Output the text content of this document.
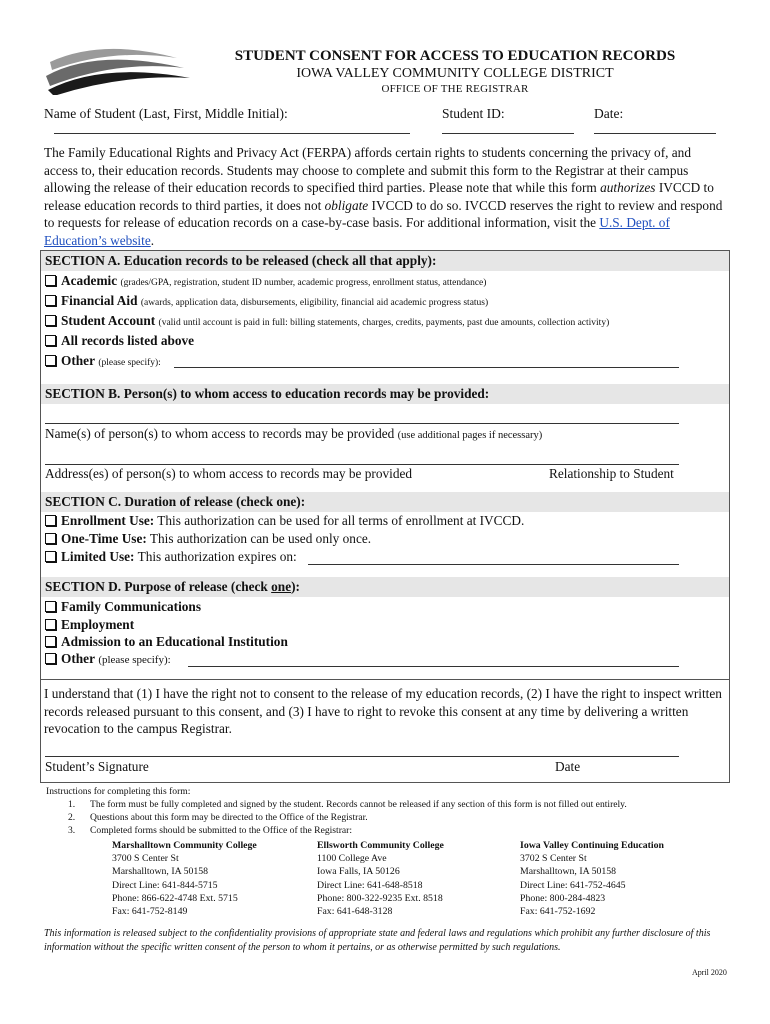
STUDENT CONSENT FOR ACCESS TO EDUCATION RECORDS
IOWA VALLEY COMMUNITY COLLEGE DISTRICT
OFFICE OF THE REGISTRAR
Name of Student (Last, First, Middle Initial):	Student ID:	Date:
The Family Educational Rights and Privacy Act (FERPA) affords certain rights to students concerning the privacy of, and access to, their education records. Students may choose to complete and submit this form to the Registrar at their campus allowing the release of their education records to specified third parties. Please note that while this form authorizes IVCCD to release education records to third parties, it does not obligate IVCCD to do so. IVCCD reserves the right to review and respond to requests for release of education records on a case-by-case basis. For additional information, visit the U.S. Dept. of Education’s website.
SECTION A. Education records to be released (check all that apply):
Academic (grades/GPA, registration, student ID number, academic progress, enrollment status, attendance)
Financial Aid (awards, application data, disbursements, eligibility, financial aid academic progress status)
Student Account (valid until account is paid in full: billing statements, charges, credits, payments, past due amounts, collection activity)
All records listed above
Other (please specify):
SECTION B. Person(s) to whom access to education records may be provided:
Name(s) of person(s) to whom access to records may be provided (use additional pages if necessary)
Address(es) of person(s) to whom access to records may be provided	Relationship to Student
SECTION C. Duration of release (check one):
Enrollment Use: This authorization can be used for all terms of enrollment at IVCCD.
One-Time Use: This authorization can be used only once.
Limited Use: This authorization expires on:
SECTION D. Purpose of release (check one):
Family Communications
Employment
Admission to an Educational Institution
Other (please specify):
I understand that (1) I have the right not to consent to the release of my education records, (2) I have the right to inspect written records released pursuant to this consent, and (3) I have to right to revoke this consent at any time by delivering a written revocation to the campus Registrar.
Student’s Signature	Date
Instructions for completing this form:
1. The form must be fully completed and signed by the student. Records cannot be released if any section of this form is not filled out entirely.
2. Questions about this form may be directed to the Office of the Registrar.
3. Completed forms should be submitted to the Office of the Registrar:
Marshalltown Community College
3700 S Center St
Marshalltown, IA 50158
Direct Line: 641-844-5715
Phone: 866-622-4748 Ext. 5715
Fax: 641-752-8149
Ellsworth Community College
1100 College Ave
Iowa Falls, IA 50126
Direct Line: 641-648-8518
Phone: 800-322-9235 Ext. 8518
Fax: 641-648-3128
Iowa Valley Continuing Education
3702 S Center St
Marshalltown, IA 50158
Direct Line: 641-752-4645
Phone: 800-284-4823
Fax: 641-752-1692
This information is released subject to the confidentiality provisions of appropriate state and federal laws and regulations which prohibit any further disclosure of this information without the specific written consent of the person to whom it pertains, or as otherwise permitted by such regulations.
April 2020
